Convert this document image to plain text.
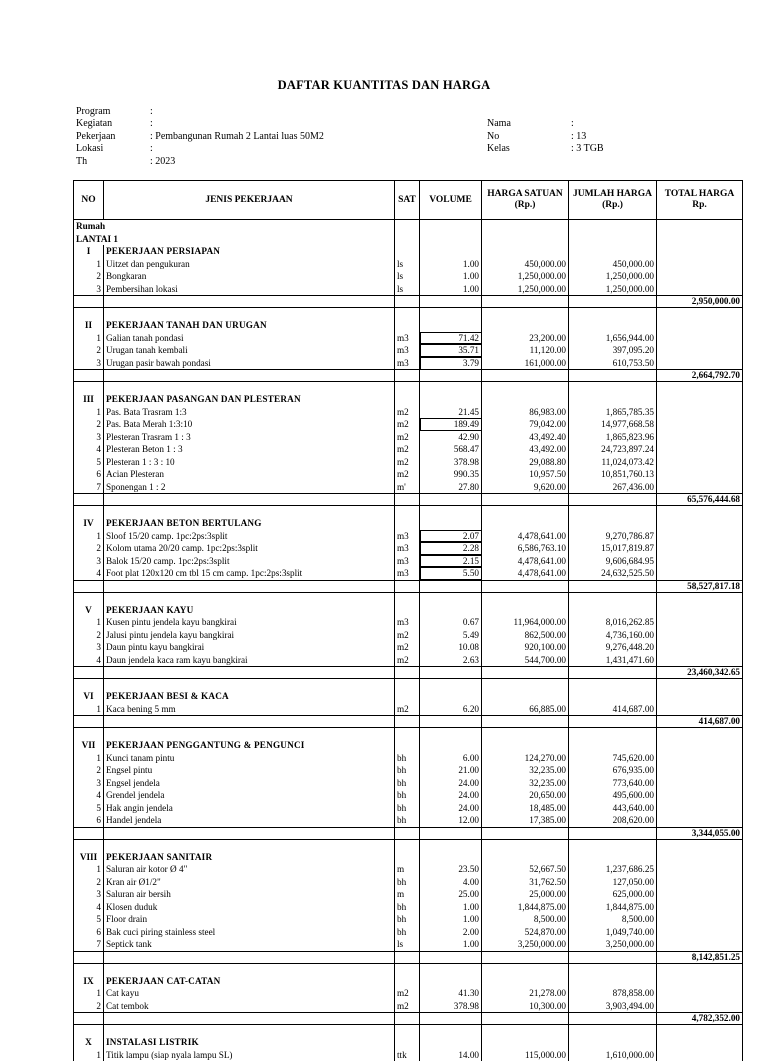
DAFTAR KUANTITAS DAN HARGA
Program	:
Kegiatan	:
Pekerjaan	: Pembangunan Rumah 2 Lantai luas 50M2
Lokasi	:
Th	: 2023
Nama	:
No	: 13
Kelas	: 3 TGB
NO	JENIS PEKERJAAN	SAT	VOLUME	HARGA SATUAN (Rp.)	JUMLAH HARGA (Rp.)	TOTAL HARGA Rp.
Rumah						
LANTAI 1						
I	PEKERJAAN PERSIAPAN					
1	Uitzet dan pengukuran	ls	1.00	450,000.00	450,000.00	
2	Bongkaran	ls	1.00	1,250,000.00	1,250,000.00	
3	Pembersihan lokasi	ls	1.00	1,250,000.00	1,250,000.00	
						2,950,000.00

II	PEKERJAAN TANAH DAN URUGAN					
1	Galian tanah pondasi	m3	71.42	23,200.00	1,656,944.00	
2	Urugan tanah kembali	m3	35.71	11,120.00	397,095.20	
3	Urugan pasir bawah pondasi	m3	3.79	161,000.00	610,753.50	
						2,664,792.70

III	PEKERJAAN PASANGAN DAN PLESTERAN					
1	Pas. Bata Trasram 1:3	m2	21.45	86,983.00	1,865,785.35	
2	Pas. Bata Merah 1:3:10	m2	189.49	79,042.00	14,977,668.58	
3	Plesteran Trasram 1 : 3	m2	42.90	43,492.40	1,865,823.96	
4	Plesteran Beton 1 : 3	m2	568.47	43,492.00	24,723,897.24	
5	Plesteran 1 : 3 : 10	m2	378.98	29,088.80	11,024,073.42	
6	Acian Plesteran	m2	990.35	10,957.50	10,851,760.13	
7	Sponengan 1 : 2	m'	27.80	9,620.00	267,436.00	
						65,576,444.68

IV	PEKERJAAN BETON BERTULANG					
1	Sloof 15/20 camp. 1pc:2ps:3split	m3	2.07	4,478,641.00	9,270,786.87	
2	Kolom utama 20/20 camp. 1pc:2ps:3split	m3	2.28	6,586,763.10	15,017,819.87	
3	Balok 15/20 camp. 1pc:2ps:3split	m3	2.15	4,478,641.00	9,606,684.95	
4	Foot plat 120x120 cm tbl 15 cm camp. 1pc:2ps:3split	m3	5.50	4,478,641.00	24,632,525.50	
						58,527,817.18

V	PEKERJAAN KAYU					
1	Kusen pintu jendela kayu bangkirai	m3	0.67	11,964,000.00	8,016,262.85	
2	Jalusi pintu jendela kayu bangkirai	m2	5.49	862,500.00	4,736,160.00	
3	Daun pintu kayu bangkirai	m2	10.08	920,100.00	9,276,448.20	
4	Daun jendela kaca ram kayu bangkirai	m2	2.63	544,700.00	1,431,471.60	
						23,460,342.65

VI	PEKERJAAN BESI & KACA					
1	Kaca bening 5 mm	m2	6.20	66,885.00	414,687.00	
						414,687.00

VII	PEKERJAAN PENGGANTUNG & PENGUNCI					
1	Kunci tanam pintu	bh	6.00	124,270.00	745,620.00	
2	Engsel pintu	bh	21.00	32,235.00	676,935.00	
3	Engsel jendela	bh	24.00	32,235.00	773,640.00	
4	Grendel jendela	bh	24.00	20,650.00	495,600.00	
5	Hak angin jendela	bh	24.00	18,485.00	443,640.00	
6	Handel jendela	bh	12.00	17,385.00	208,620.00	
						3,344,055.00

VIII	PEKERJAAN SANITAIR					
1	Saluran air kotor Ø 4"	m	23.50	52,667.50	1,237,686.25	
2	Kran air Ø1/2"	bh	4.00	31,762.50	127,050.00	
3	Saluran air bersih	m	25.00	25,000.00	625,000.00	
4	Klosen duduk	bh	1.00	1,844,875.00	1,844,875.00	
5	Floor drain	bh	1.00	8,500.00	8,500.00	
6	Bak cuci piring stainless steel	bh	2.00	524,870.00	1,049,740.00	
7	Septick tank	ls	1.00	3,250,000.00	3,250,000.00	
						8,142,851.25

IX	PEKERJAAN CAT-CATAN					
1	Cat kayu	m2	41.30	21,278.00	878,858.00	
2	Cat tembok	m2	378.98	10,300.00	3,903,494.00	
						4,782,352.00

X	INSTALASI LISTRIK					
1	Titik lampu (siap nyala lampu SL)	ttk	14.00	115,000.00	1,610,000.00	
